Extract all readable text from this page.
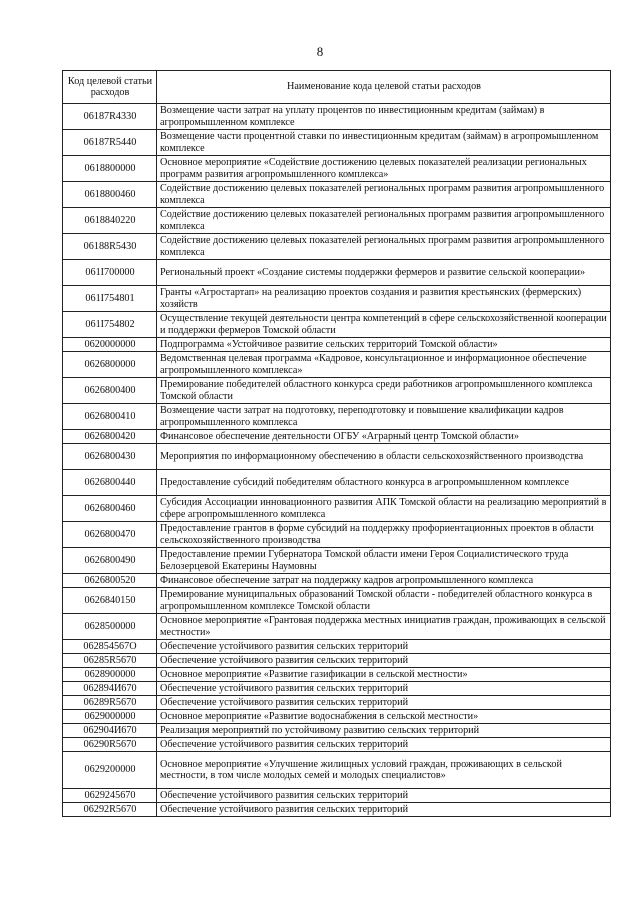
8
Код целевой статьи расходов	Наименование кода целевой статьи расходов
06187R4330	Возмещение части затрат на уплату процентов по инвестиционным кредитам (займам) в агропромышленном комплексе
06187R5440	Возмещение части процентной ставки по инвестиционным кредитам (займам) в агропромышленном комплексе
0618800000	Основное мероприятие «Содействие достижению целевых показателей реализации региональных программ развития агропромышленного комплекса»
0618800460	Содействие достижению целевых показателей региональных программ развития агропромышленного комплекса
0618840220	Содействие достижению целевых показателей региональных программ развития агропромышленного комплекса
06188R5430	Содействие достижению целевых показателей региональных программ развития агропромышленного комплекса
061I700000	Региональный проект «Создание системы поддержки фермеров и развитие сельской кооперации»
061I754801	Гранты «Агростартап» на реализацию проектов создания и развития крестьянских (фермерских) хозяйств
061I754802	Осуществление текущей деятельности центра компетенций в сфере сельскохозяйственной кооперации и поддержки фермеров Томской области
0620000000	Подпрограмма «Устойчивое развитие сельских территорий Томской области»
0626800000	Ведомственная целевая программа «Кадровое, консультационное и информационное обеспечение агропромышленного комплекса»
0626800400	Премирование победителей областного конкурса среди работников агропромышленного комплекса Томской области
0626800410	Возмещение части затрат на подготовку, переподготовку и повышение квалификации кадров агропромышленного комплекса
0626800420	Финансовое обеспечение деятельности ОГБУ «Аграрный центр Томской области»
0626800430	Мероприятия по информационному обеспечению в области сельскохозяйственного производства
0626800440	Предоставление субсидий победителям областного конкурса в агропромышленном комплексе
0626800460	Субсидия Ассоциации инновационного развития АПК Томской области на реализацию мероприятий в сфере агропромышленного комплекса
0626800470	Предоставление грантов в форме субсидий на поддержку профориентационных проектов в области сельскохозяйственного производства
0626800490	Предоставление премии Губернатора Томской области имени Героя Социалистического труда Белозерцевой Екатерины Наумовны
0626800520	Финансовое обеспечение затрат на поддержку кадров агропромышленного комплекса
0626840150	Премирование муниципальных образований Томской области - победителей областного конкурса в агропромышленном комплексе Томской области
0628500000	Основное мероприятие «Грантовая поддержка местных инициатив граждан, проживающих в сельской местности»
062854567O	Обеспечение устойчивого развития сельских территорий
06285R5670	Обеспечение устойчивого развития сельских территорий
0628900000	Основное мероприятие «Развитие газификации в сельской местности»
062894И670	Обеспечение устойчивого развития сельских территорий
06289R5670	Обеспечение устойчивого развития сельских территорий
0629000000	Основное мероприятие «Развитие водоснабжения в сельской местности»
062904И670	Реализация мероприятий по устойчивому развитию сельских территорий
06290R5670	Обеспечение устойчивого развития сельских территорий
0629200000	Основное мероприятие «Улучшение жилищных условий граждан, проживающих в сельской местности, в том числе молодых семей и молодых специалистов»
0629245670	Обеспечение устойчивого развития сельских территорий
06292R5670	Обеспечение устойчивого развития сельских территорий
